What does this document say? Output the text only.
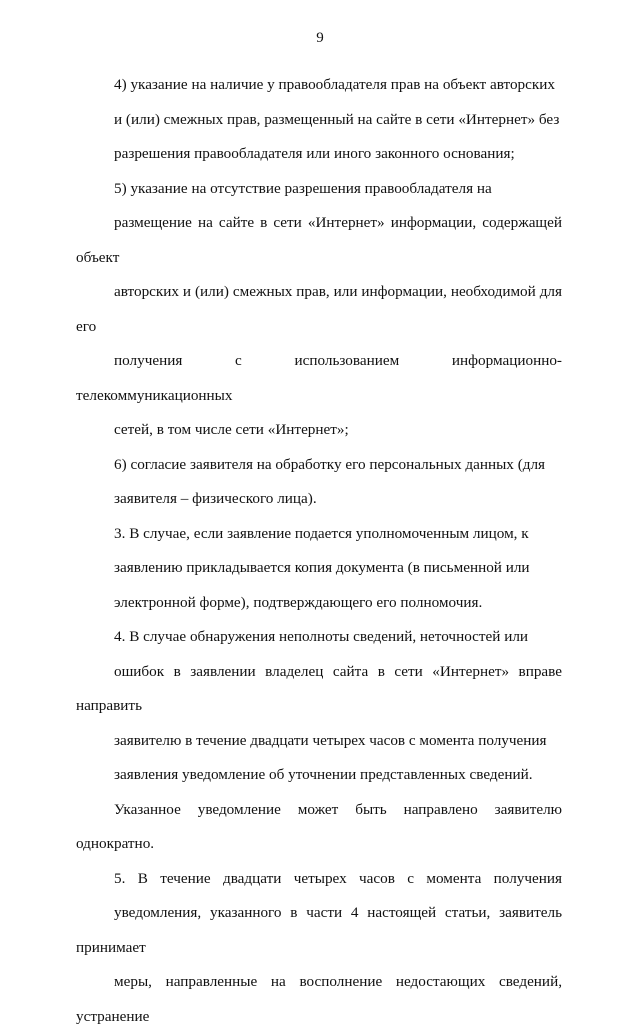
9

4) указание на наличие у правообладателя прав на объект авторских
и (или) смежных прав, размещенный на сайте в сети «Интернет» без
разрешения правообладателя или иного законного основания;

5) указание на отсутствие разрешения правообладателя на
размещение на сайте в сети «Интернет» информации, содержащей объект
авторских и (или) смежных прав, или информации, необходимой для его
получения с использованием информационно-телекоммуникационных
сетей, в том числе сети «Интернет»;

6) согласие заявителя на обработку его персональных данных (для
заявителя – физического лица).

3. В случае, если заявление подается уполномоченным лицом, к
заявлению прикладывается копия документа (в письменной или
электронной форме), подтверждающего его полномочия.

4. В случае обнаружения неполноты сведений, неточностей или
ошибок в заявлении владелец сайта в сети «Интернет» вправе направить
заявителю в течение двадцати четырех часов с момента получения
заявления уведомление об уточнении представленных сведений.
Указанное уведомление может быть направлено заявителю однократно.

5. В течение двадцати четырех часов с момента получения
уведомления, указанного в части 4 настоящей статьи, заявитель принимает
меры, направленные на восполнение недостающих сведений, устранение
